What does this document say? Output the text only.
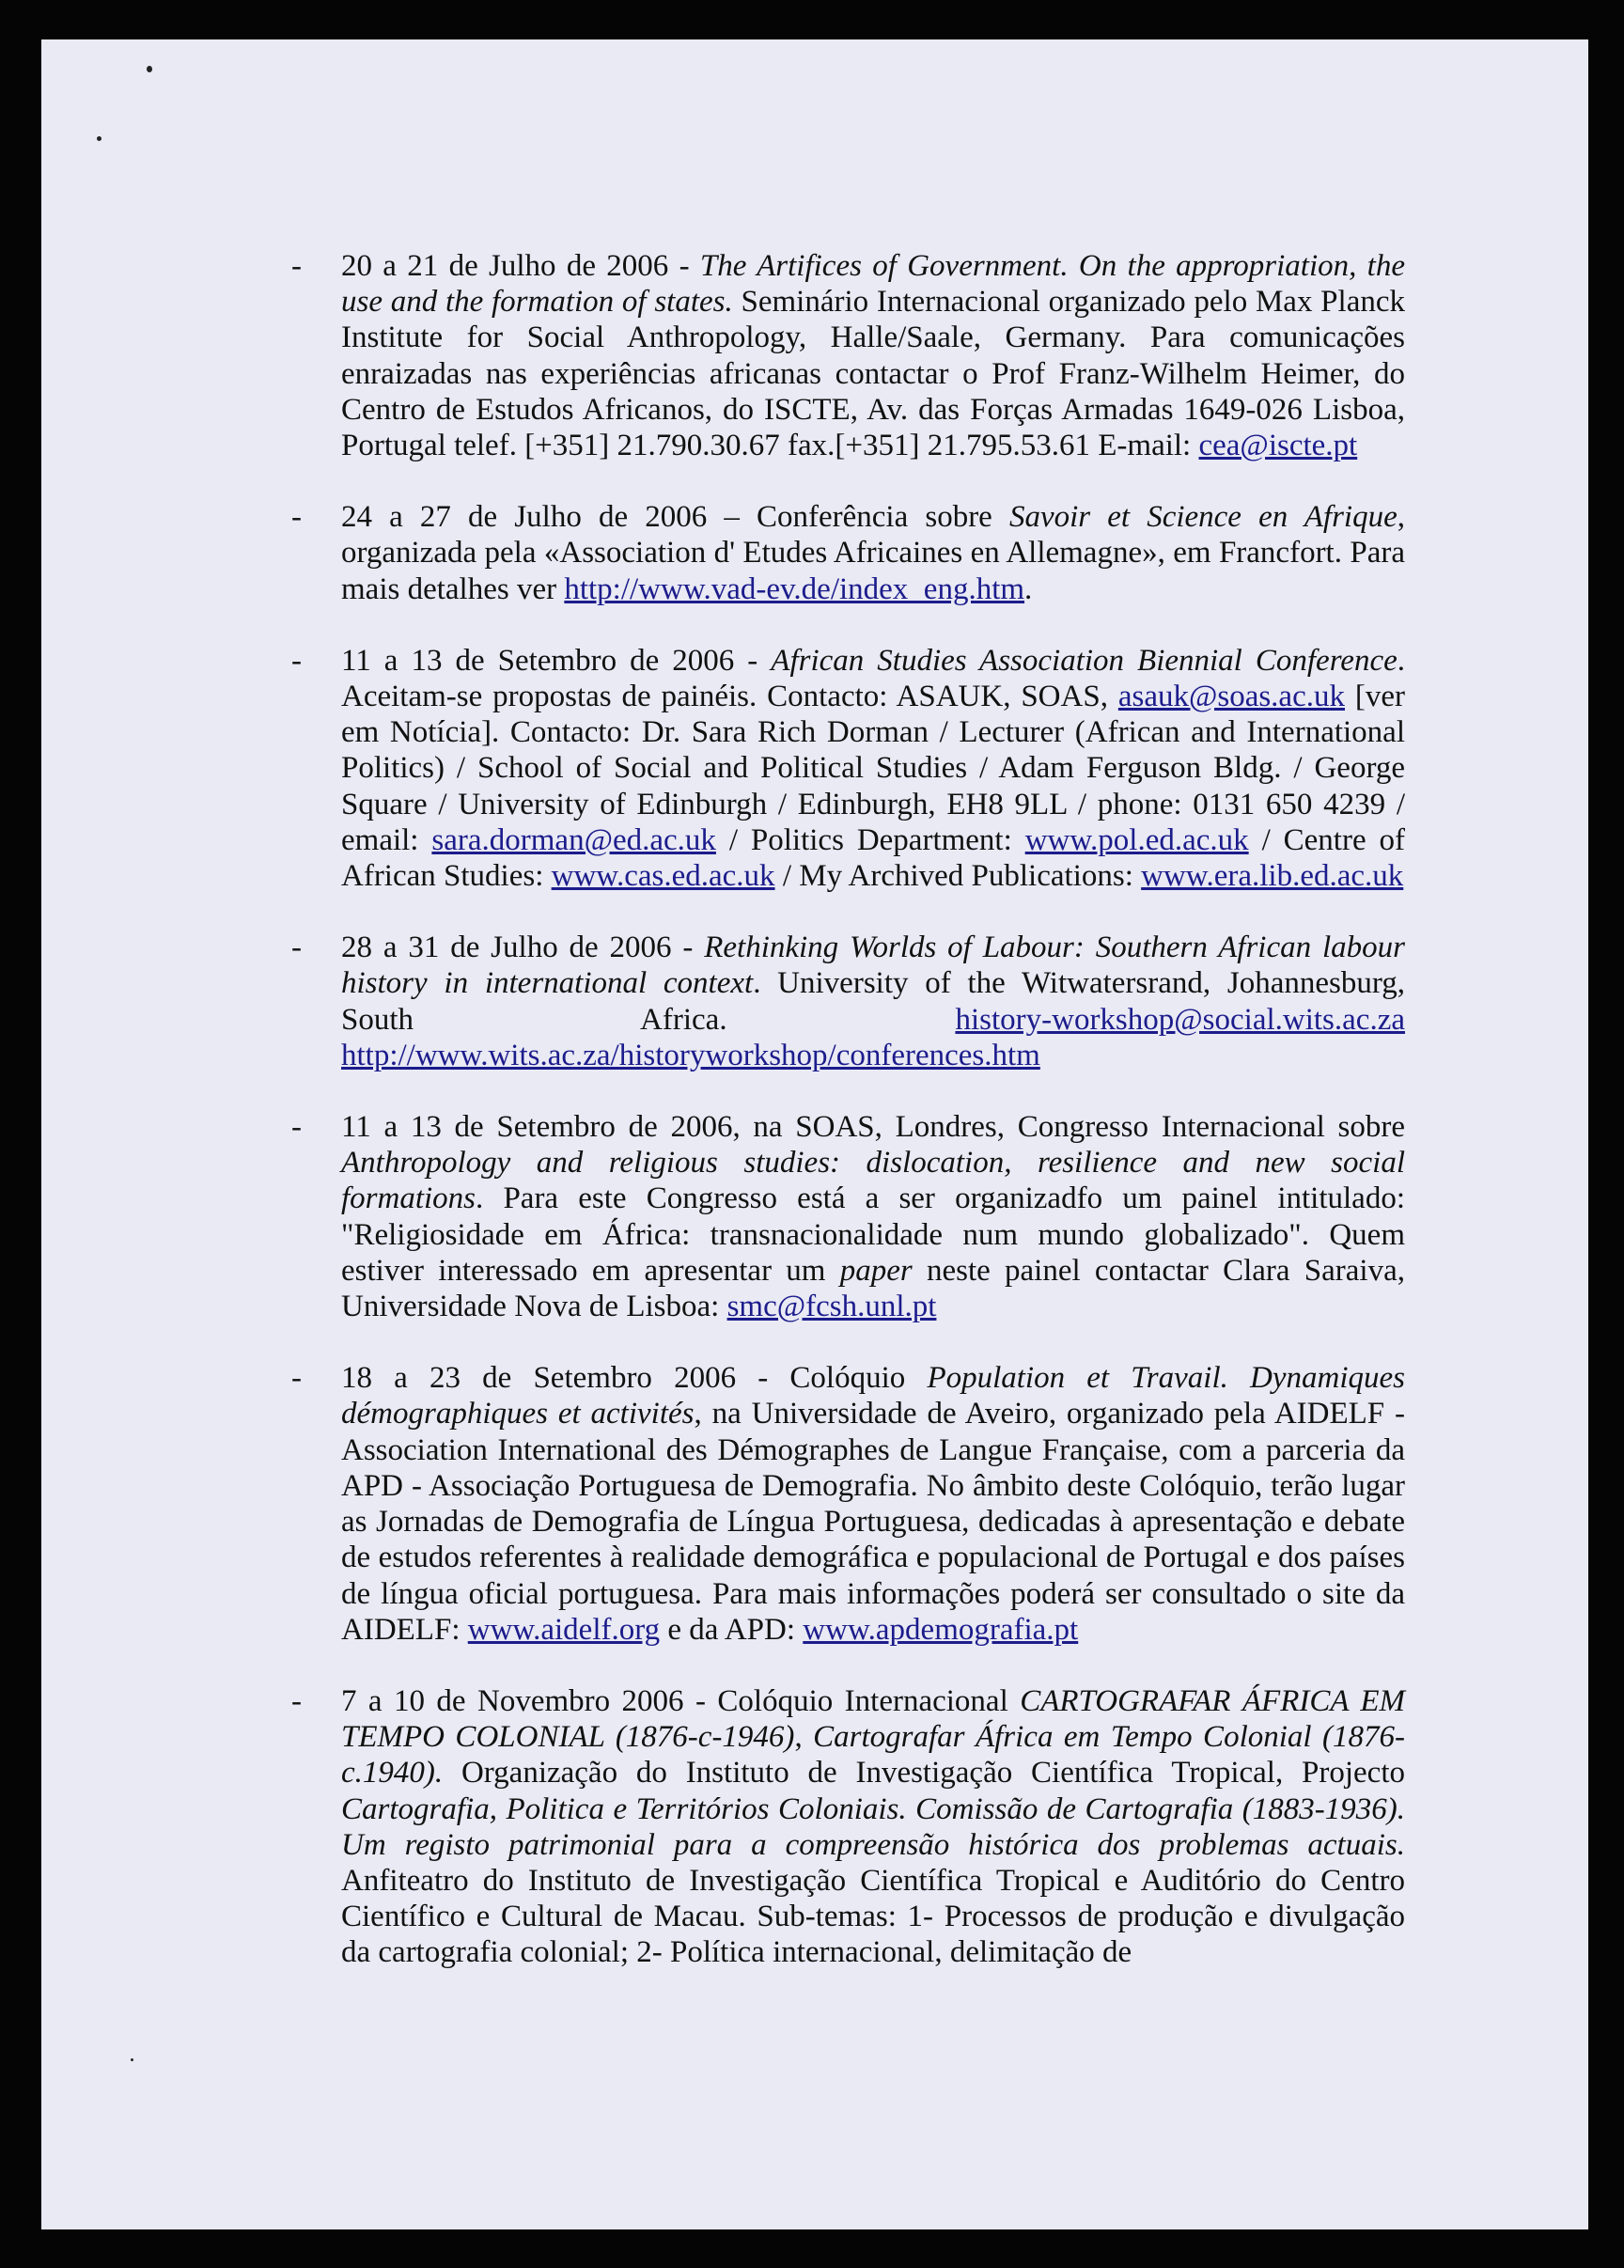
- 20 a 21 de Julho de 2006 - The Artifices of Government. On the appropriation, the use and the formation of states. Seminário Internacional organizado pelo Max Planck Institute for Social Anthropology, Halle/Saale, Germany. Para comunicações enraizadas nas experiências africanas contactar o Prof Franz-Wilhelm Heimer, do Centro de Estudos Africanos, do ISCTE, Av. das Forças Armadas 1649-026 Lisboa, Portugal telef. [+351] 21.790.30.67 fax.[+351] 21.795.53.61 E-mail: cea@iscte.pt
- 24 a 27 de Julho de 2006 – Conferência sobre Savoir et Science en Afrique, organizada pela «Association d' Etudes Africaines en Allemagne», em Francfort. Para mais detalhes ver http://www.vad-ev.de/index_eng.htm.
- 11 a 13 de Setembro de 2006 - African Studies Association Biennial Conference. Aceitam-se propostas de painéis. Contacto: ASAUK, SOAS, asauk@soas.ac.uk [ver em Notícia]. Contacto: Dr. Sara Rich Dorman / Lecturer (African and International Politics) / School of Social and Political Studies / Adam Ferguson Bldg. / George Square / University of Edinburgh / Edinburgh, EH8 9LL / phone: 0131 650 4239 / email: sara.dorman@ed.ac.uk / Politics Department: www.pol.ed.ac.uk / Centre of African Studies: www.cas.ed.ac.uk / My Archived Publications: www.era.lib.ed.ac.uk
- 28 a 31 de Julho de 2006 - Rethinking Worlds of Labour: Southern African labour history in international context. University of the Witwatersrand, Johannesburg, South Africa. history-workshop@social.wits.ac.za http://www.wits.ac.za/historyworkshop/conferences.htm
- 11 a 13 de Setembro de 2006, na SOAS, Londres, Congresso Internacional sobre Anthropology and religious studies: dislocation, resilience and new social formations. Para este Congresso está a ser organizadfo um painel intitulado: "Religiosidade em África: transnacionalidade num mundo globalizado". Quem estiver interessado em apresentar um paper neste painel contactar Clara Saraiva, Universidade Nova de Lisboa: smc@fcsh.unl.pt
- 18 a 23 de Setembro 2006 - Colóquio Population et Travail. Dynamiques démographiques et activités, na Universidade de Aveiro, organizado pela AIDELF - Association International des Démographes de Langue Française, com a parceria da APD - Associação Portuguesa de Demografia. No âmbito deste Colóquio, terão lugar as Jornadas de Demografia de Língua Portuguesa, dedicadas à apresentação e debate de estudos referentes à realidade demográfica e populacional de Portugal e dos países de língua oficial portuguesa. Para mais informações poderá ser consultado o site da AIDELF: www.aidelf.org e da APD: www.apdemografia.pt
- 7 a 10 de Novembro 2006 - Colóquio Internacional CARTOGRAFAR ÁFRICA EM TEMPO COLONIAL (1876-c-1946), Cartografar África em Tempo Colonial (1876-c.1940). Organização do Instituto de Investigação Científica Tropical, Projecto Cartografia, Politica e Territórios Coloniais. Comissão de Cartografia (1883-1936). Um registo patrimonial para a compreensão histórica dos problemas actuais. Anfiteatro do Instituto de Investigação Científica Tropical e Auditório do Centro Científico e Cultural de Macau. Sub-temas: 1- Processos de produção e divulgação da cartografia colonial; 2- Política internacional, delimitação de
